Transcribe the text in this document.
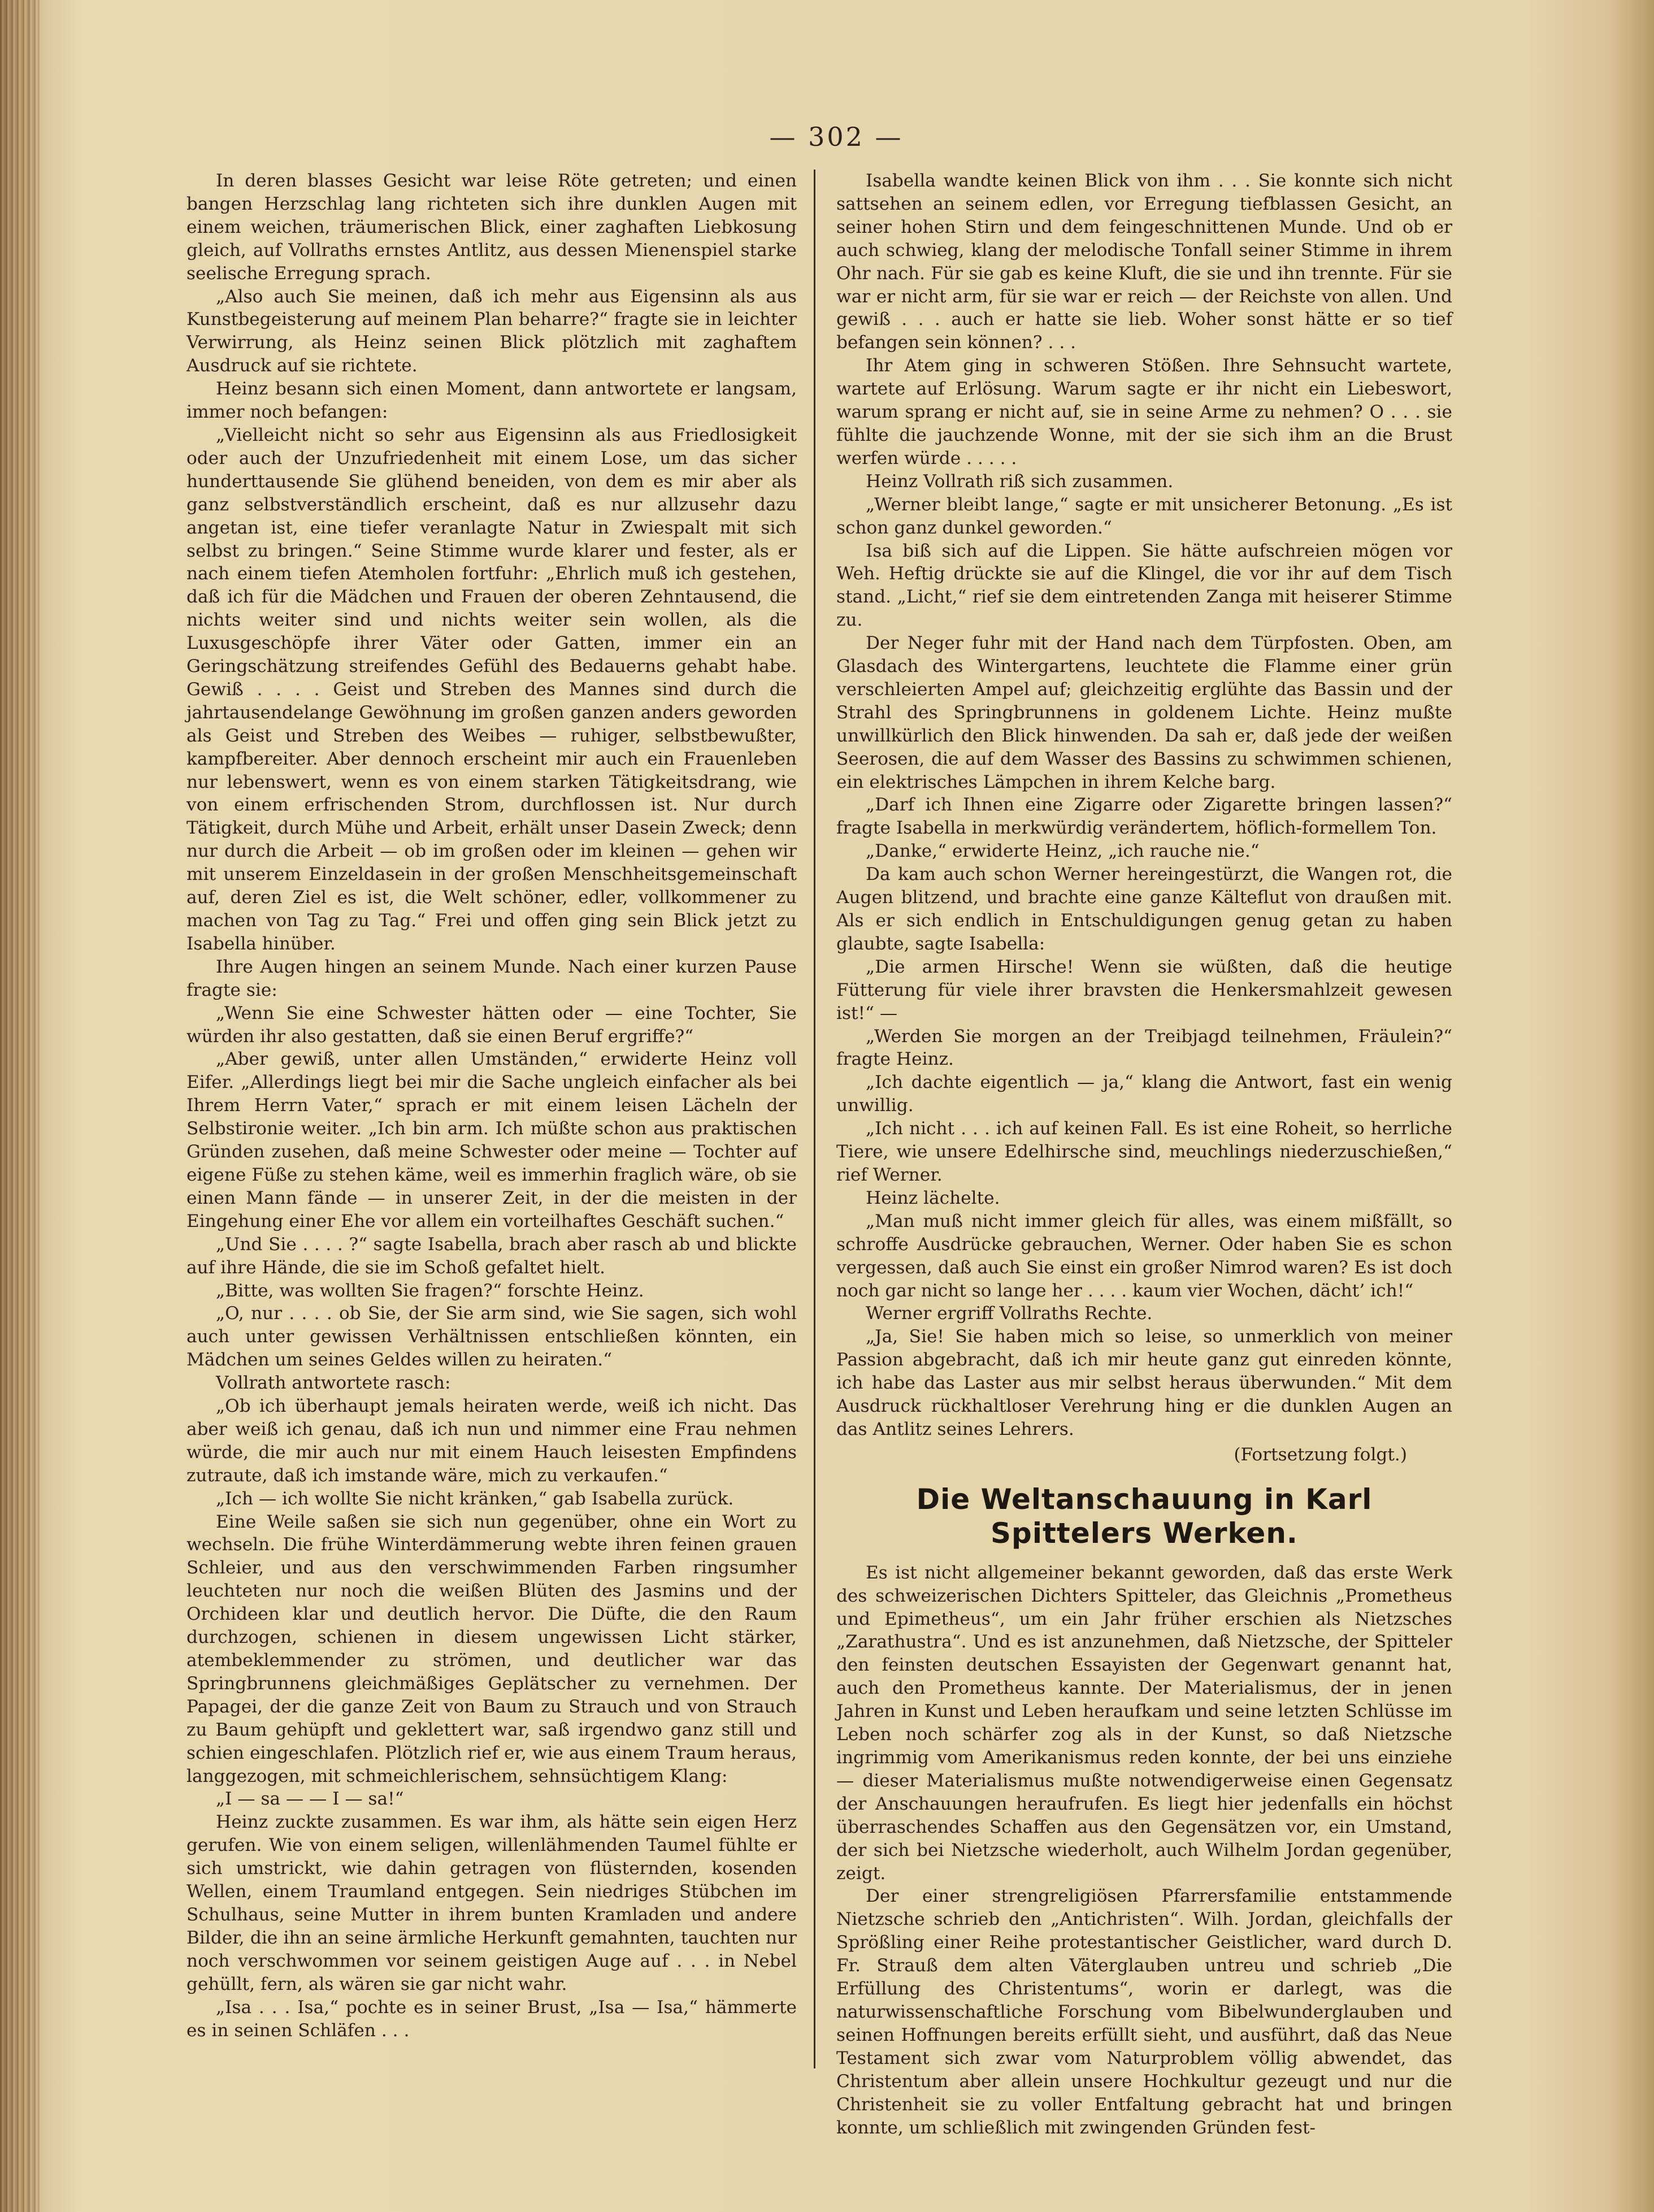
— 302 —

In deren blasses Gesicht war leise Röte getreten; und einen bangen Herzschlag lang richteten sich ihre dunklen Augen mit einem weichen, träumerischen Blick, einer zaghaften Liebkosung gleich, auf Vollraths ernstes Antlitz, aus dessen Mienenspiel starke seelische Erregung sprach.

„Also auch Sie meinen, daß ich mehr aus Eigensinn als aus Kunstbegeisterung auf meinem Plan beharre?“ fragte sie in leichter Verwirrung, als Heinz seinen Blick plötzlich mit zaghaftem Ausdruck auf sie richtete.

Heinz besann sich einen Moment, dann antwortete er langsam, immer noch befangen:

„Vielleicht nicht so sehr aus Eigensinn als aus Friedlosigkeit oder auch der Unzufriedenheit mit einem Lose, um das sicher hunderttausende Sie glühend beneiden, von dem es mir aber als ganz selbstverständlich erscheint, daß es nur allzusehr dazu angetan ist, eine tiefer veranlagte Natur in Zwiespalt mit sich selbst zu bringen.“ Seine Stimme wurde klarer und fester, als er nach einem tiefen Atemholen fortfuhr: „Ehrlich muß ich gestehen, daß ich für die Mädchen und Frauen der oberen Zehntausend, die nichts weiter sind und nichts weiter sein wollen, als die Luxusgeschöpfe ihrer Väter oder Gatten, immer ein an Geringschätzung streifendes Gefühl des Bedauerns gehabt habe. Gewiß . . . . Geist und Streben des Mannes sind durch die jahrtausendelange Gewöhnung im großen ganzen anders geworden als Geist und Streben des Weibes — ruhiger, selbstbewußter, kampfbereiter. Aber dennoch erscheint mir auch ein Frauenleben nur lebenswert, wenn es von einem starken Tätigkeitsdrang, wie von einem erfrischenden Strom, durchflossen ist. Nur durch Tätigkeit, durch Mühe und Arbeit, erhält unser Dasein Zweck; denn nur durch die Arbeit — ob im großen oder im kleinen — gehen wir mit unserem Einzeldasein in der großen Menschheitsgemeinschaft auf, deren Ziel es ist, die Welt schöner, edler, vollkommener zu machen von Tag zu Tag.“ Frei und offen ging sein Blick jetzt zu Isabella hinüber.

Ihre Augen hingen an seinem Munde. Nach einer kurzen Pause fragte sie:

„Wenn Sie eine Schwester hätten oder — eine Tochter, Sie würden ihr also gestatten, daß sie einen Beruf ergriffe?“

„Aber gewiß, unter allen Umständen,“ erwiderte Heinz voll Eifer. „Allerdings liegt bei mir die Sache ungleich einfacher als bei Ihrem Herrn Vater,“ sprach er mit einem leisen Lächeln der Selbstironie weiter. „Ich bin arm. Ich müßte schon aus praktischen Gründen zusehen, daß meine Schwester oder meine — Tochter auf eigene Füße zu stehen käme, weil es immerhin fraglich wäre, ob sie einen Mann fände — in unserer Zeit, in der die meisten in der Eingehung einer Ehe vor allem ein vorteilhaftes Geschäft suchen.“

„Und Sie . . . . ?“ sagte Isabella, brach aber rasch ab und blickte auf ihre Hände, die sie im Schoß gefaltet hielt.

„Bitte, was wollten Sie fragen?“ forschte Heinz.

„O, nur . . . . ob Sie, der Sie arm sind, wie Sie sagen, sich wohl auch unter gewissen Verhältnissen entschließen könnten, ein Mädchen um seines Geldes willen zu heiraten.“

Vollrath antwortete rasch:

„Ob ich überhaupt jemals heiraten werde, weiß ich nicht. Das aber weiß ich genau, daß ich nun und nimmer eine Frau nehmen würde, die mir auch nur mit einem Hauch leisesten Empfindens zutraute, daß ich imstande wäre, mich zu verkaufen.“

„Ich — ich wollte Sie nicht kränken,“ gab Isabella zurück.

Eine Weile saßen sie sich nun gegenüber, ohne ein Wort zu wechseln. Die frühe Winterdämmerung webte ihren feinen grauen Schleier, und aus den verschwimmenden Farben ringsumher leuchteten nur noch die weißen Blüten des Jasmins und der Orchideen klar und deutlich hervor. Die Düfte, die den Raum durchzogen, schienen in diesem ungewissen Licht stärker, atembeklemmender zu strömen, und deutlicher war das Springbrunnens gleichmäßiges Geplätscher zu vernehmen. Der Papagei, der die ganze Zeit von Baum zu Strauch und von Strauch zu Baum gehüpft und geklettert war, saß irgendwo ganz still und schien eingeschlafen. Plötzlich rief er, wie aus einem Traum heraus, langgezogen, mit schmeichlerischem, sehnsüchtigem Klang:

„I — sa — — I — sa!“

Heinz zuckte zusammen. Es war ihm, als hätte sein eigen Herz gerufen. Wie von einem seligen, willenlähmenden Taumel fühlte er sich umstrickt, wie dahin getragen von flüsternden, kosenden Wellen, einem Traumland entgegen. Sein niedriges Stübchen im Schulhaus, seine Mutter in ihrem bunten Kramladen und andere Bilder, die ihn an seine ärmliche Herkunft gemahnten, tauchten nur noch verschwommen vor seinem geistigen Auge auf . . . in Nebel gehüllt, fern, als wären sie gar nicht wahr.

„Isa . . . Isa,“ pochte es in seiner Brust, „Isa — Isa,“ hämmerte es in seinen Schläfen . . .

Isabella wandte keinen Blick von ihm . . . Sie konnte sich nicht sattsehen an seinem edlen, vor Erregung tiefblassen Gesicht, an seiner hohen Stirn und dem feingeschnittenen Munde. Und ob er auch schwieg, klang der melodische Tonfall seiner Stimme in ihrem Ohr nach. Für sie gab es keine Kluft, die sie und ihn trennte. Für sie war er nicht arm, für sie war er reich — der Reichste von allen. Und gewiß . . . auch er hatte sie lieb. Woher sonst hätte er so tief befangen sein können? . . .

Ihr Atem ging in schweren Stößen. Ihre Sehnsucht wartete, wartete auf Erlösung. Warum sagte er ihr nicht ein Liebeswort, warum sprang er nicht auf, sie in seine Arme zu nehmen? O . . . sie fühlte die jauchzende Wonne, mit der sie sich ihm an die Brust werfen würde . . . . .

Heinz Vollrath riß sich zusammen.

„Werner bleibt lange,“ sagte er mit unsicherer Betonung. „Es ist schon ganz dunkel geworden.“

Isa biß sich auf die Lippen. Sie hätte aufschreien mögen vor Weh. Heftig drückte sie auf die Klingel, die vor ihr auf dem Tisch stand. „Licht,“ rief sie dem eintretenden Zanga mit heiserer Stimme zu.

Der Neger fuhr mit der Hand nach dem Türpfosten. Oben, am Glasdach des Wintergartens, leuchtete die Flamme einer grün verschleierten Ampel auf; gleichzeitig erglühte das Bassin und der Strahl des Springbrunnens in goldenem Lichte. Heinz mußte unwillkürlich den Blick hinwenden. Da sah er, daß jede der weißen Seerosen, die auf dem Wasser des Bassins zu schwimmen schienen, ein elektrisches Lämpchen in ihrem Kelche barg.

„Darf ich Ihnen eine Zigarre oder Zigarette bringen lassen?“ fragte Isabella in merkwürdig verändertem, höflich-formellem Ton.

„Danke,“ erwiderte Heinz, „ich rauche nie.“

Da kam auch schon Werner hereingestürzt, die Wangen rot, die Augen blitzend, und brachte eine ganze Kälteflut von draußen mit. Als er sich endlich in Entschuldigungen genug getan zu haben glaubte, sagte Isabella:

„Die armen Hirsche! Wenn sie wüßten, daß die heutige Fütterung für viele ihrer bravsten die Henkersmahlzeit gewesen ist!“ —

„Werden Sie morgen an der Treibjagd teilnehmen, Fräulein?“ fragte Heinz.

„Ich dachte eigentlich — ja,“ klang die Antwort, fast ein wenig unwillig.

„Ich nicht . . . ich auf keinen Fall. Es ist eine Roheit, so herrliche Tiere, wie unsere Edelhirsche sind, meuchlings niederzuschießen,“ rief Werner.

Heinz lächelte.

„Man muß nicht immer gleich für alles, was einem mißfällt, so schroffe Ausdrücke gebrauchen, Werner. Oder haben Sie es schon vergessen, daß auch Sie einst ein großer Nimrod waren? Es ist doch noch gar nicht so lange her . . . . kaum vier Wochen, dächt’ ich!“

Werner ergriff Vollraths Rechte.

„Ja, Sie! Sie haben mich so leise, so unmerklich von meiner Passion abgebracht, daß ich mir heute ganz gut einreden könnte, ich habe das Laster aus mir selbst heraus überwunden.“ Mit dem Ausdruck rückhaltloser Verehrung hing er die dunklen Augen an das Antlitz seines Lehrers.

(Fortsetzung folgt.)

Die Weltanschauung in Karl Spittelers Werken.

Es ist nicht allgemeiner bekannt geworden, daß das erste Werk des schweizerischen Dichters Spitteler, das Gleichnis „Prometheus und Epimetheus“, um ein Jahr früher erschien als Nietzsches „Zarathustra“. Und es ist anzunehmen, daß Nietzsche, der Spitteler den feinsten deutschen Essayisten der Gegenwart genannt hat, auch den Prometheus kannte. Der Materialismus, der in jenen Jahren in Kunst und Leben heraufkam und seine letzten Schlüsse im Leben noch schärfer zog als in der Kunst, so daß Nietzsche ingrimmig vom Amerikanismus reden konnte, der bei uns einziehe — dieser Materialismus mußte notwendigerweise einen Gegensatz der Anschauungen heraufrufen. Es liegt hier jedenfalls ein höchst überraschendes Schaffen aus den Gegensätzen vor, ein Umstand, der sich bei Nietzsche wiederholt, auch Wilhelm Jordan gegenüber, zeigt.

Der einer strengreligiösen Pfarrersfamilie entstammende Nietzsche schrieb den „Antichristen“. Wilh. Jordan, gleichfalls der Sprößling einer Reihe protestantischer Geistlicher, ward durch D. Fr. Strauß dem alten Väterglauben untreu und schrieb „Die Erfüllung des Christentums“, worin er darlegt, was die naturwissenschaftliche Forschung vom Bibelwunderglauben und seinen Hoffnungen bereits erfüllt sieht, und ausführt, daß das Neue Testament sich zwar vom Naturproblem völlig abwendet, das Christentum aber allein unsere Hochkultur gezeugt und nur die Christenheit sie zu voller Entfaltung gebracht hat und bringen konnte, um schließlich mit zwingenden Gründen fest-
